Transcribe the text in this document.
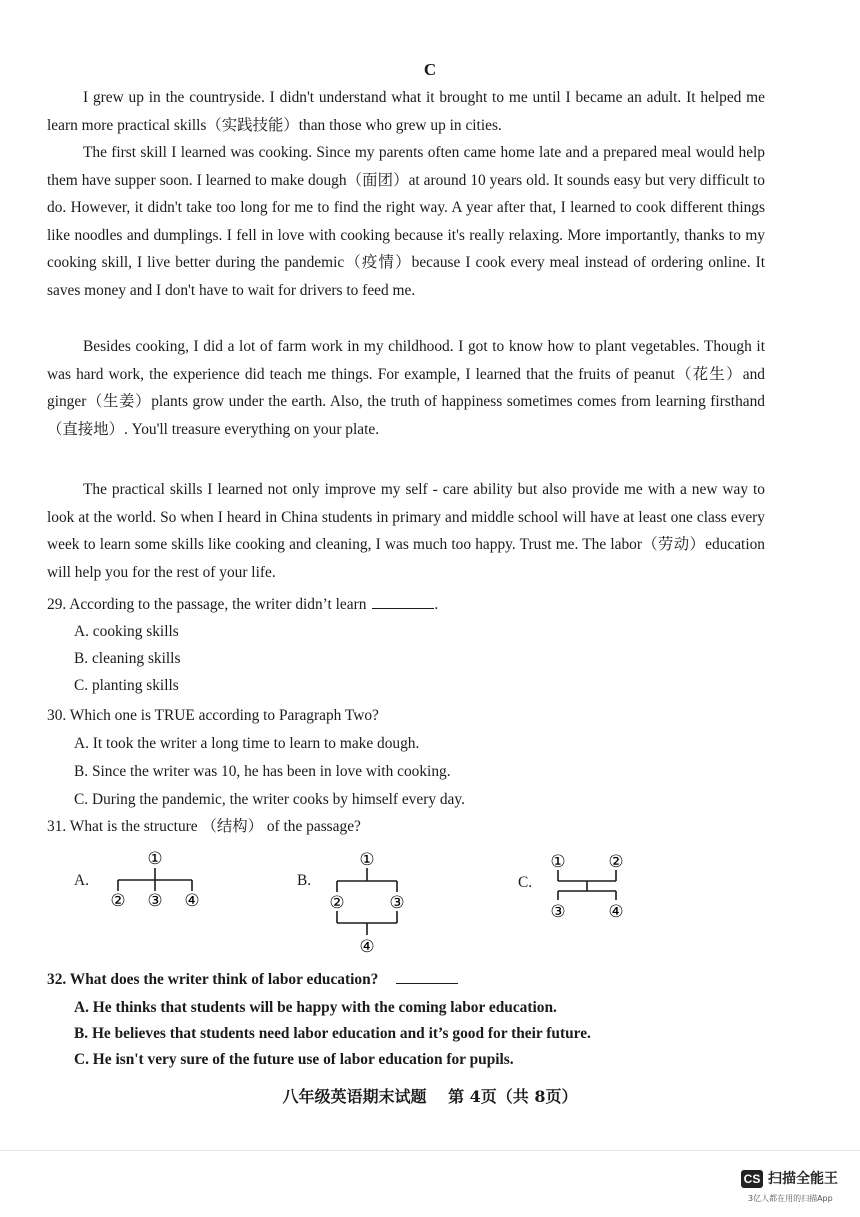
C

I grew up in the countryside. I didn't understand what it brought to me until I became an adult. It helped me learn more practical skills（实践技能）than those who grew up in cities.

The first skill I learned was cooking. Since my parents often came home late and a prepared meal would help them have supper soon. I learned to make dough（面团）at around 10 years old. It sounds easy but very difficult to do. However, it didn't take too long for me to find the right way. A year after that, I learned to cook different things like noodles and dumplings. I fell in love with cooking because it's really relaxing. More importantly, thanks to my cooking skill, I live better during the pandemic（疫情）because I cook every meal instead of ordering online. It saves money and I don't have to wait for drivers to feed me.

Besides cooking, I did a lot of farm work in my childhood. I got to know how to plant vegetables. Though it was hard work, the experience did teach me things. For example, I learned that the fruits of peanut（花生）and ginger（生姜）plants grow under the earth. Also, the truth of happiness sometimes comes from learning firsthand（直接地）. You'll treasure everything on your plate.

The practical skills I learned not only improve my self - care ability but also provide me with a new way to look at the world. So when I heard in China students in primary and middle school will have at least one class every week to learn some skills like cooking and cleaning, I was much too happy. Trust me. The labor（劳动）education will help you for the rest of your life.

29. According to the passage, the writer didn’t learn	.
A. cooking skills
B. cleaning skills
C. planting skills
30. Which one is TRUE according to Paragraph Two?
A. It took the writer a long time to learn to make dough.
B. Since the writer was 10, he has been in love with cooking.
C. During the pandemic, the writer cooks by himself every day.
31. What is the structure （结构） of the passage?
A.
①
② ③ ④
B.
①
②	③
④
C.
①	②
③	④
32. What does the writer think of labor education?
A. He thinks that students will be happy with the coming labor education.
B. He believes that students need labor education and it’s good for their future.
C. He isn't very sure of the future use of labor education for pupils.
八年级英语期末试题　 第 4页（共 8页）
CS 扫描全能王
3亿人都在用的扫描App
